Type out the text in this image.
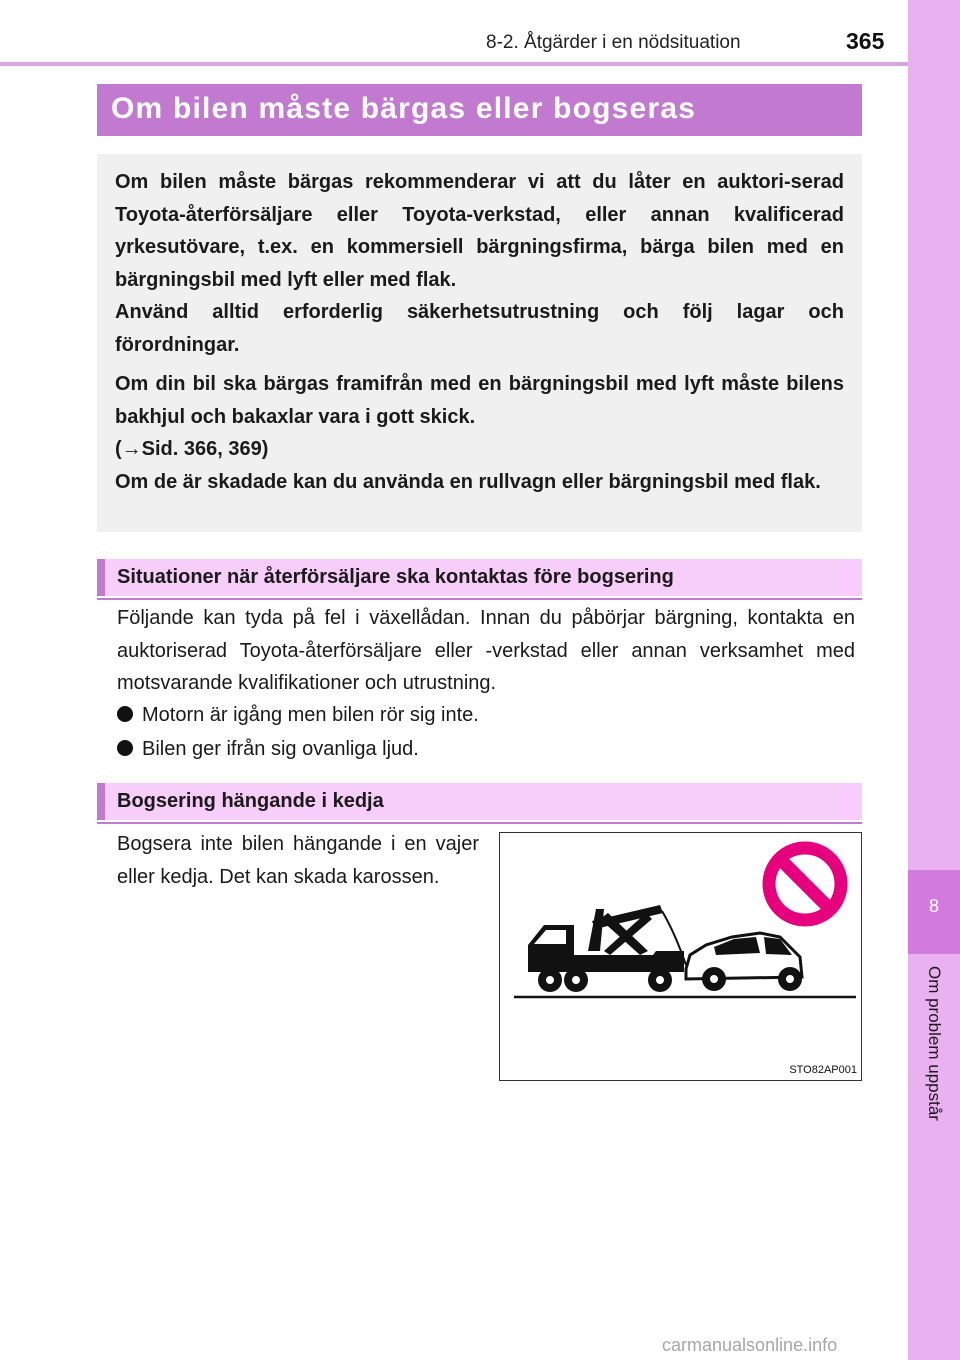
8-2. Åtgärder i en nödsituation	365
8
Om problem uppstår
Om bilen måste bärgas eller bogseras

Om bilen måste bärgas rekommenderar vi att du låter en auktori-serad Toyota-återförsäljare eller Toyota-verkstad, eller annan kvalificerad yrkesutövare, t.ex. en kommersiell bärgningsfirma, bärga bilen med en bärgningsbil med lyft eller med flak.

Använd alltid erforderlig säkerhetsutrustning och följ lagar och förordningar.

Om din bil ska bärgas framifrån med en bärgningsbil med lyft måste bilens bakhjul och bakaxlar vara i gott skick.

(→Sid. 366, 369)

Om de är skadade kan du använda en rullvagn eller bärgningsbil med flak.

Situationer när återförsäljare ska kontaktas före bogsering

Följande kan tyda på fel i växellådan. Innan du påbörjar bärgning, kontakta en auktoriserad Toyota-återförsäljare eller -verkstad eller annan verksamhet med motsvarande kvalifikationer och utrustning.

Motorn är igång men bilen rör sig inte.
Bilen ger ifrån sig ovanliga ljud.
Bogsering hängande i kedja

Bogsera inte bilen hängande i en vajer eller kedja. Det kan skada karossen.

STO82AP001
carmanualsonline.info
